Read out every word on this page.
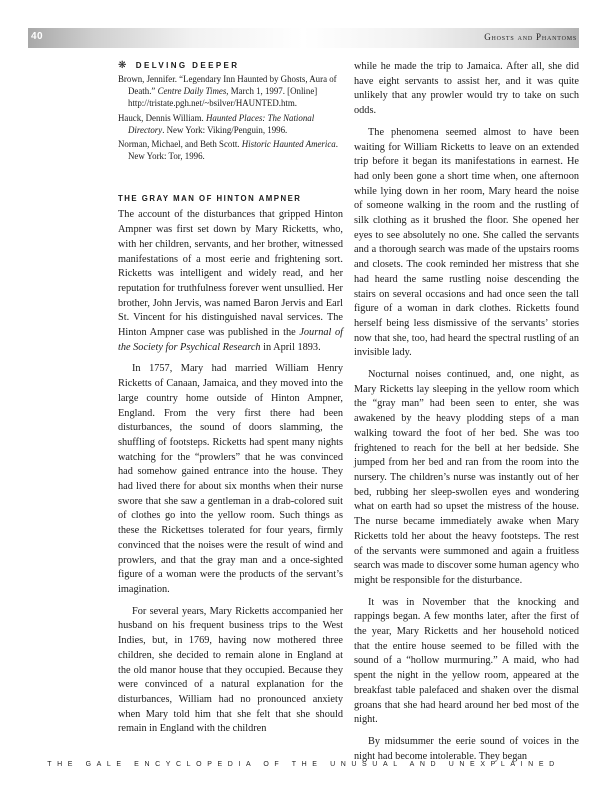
40	Ghosts and Phantoms
❋ DELVING DEEPER
Brown, Jennifer. “Legendary Inn Haunted by Ghosts, Aura of Death.” Centre Daily Times, March 1, 1997. [Online] http://tristate.pgh.net/~bsilver/HAUNTED.htm.
Hauck, Dennis William. Haunted Places: The National Directory. New York: Viking/Penguin, 1996.
Norman, Michael, and Beth Scott. Historic Haunted America. New York: Tor, 1996.
THE GRAY MAN OF HINTON AMPNER

The account of the disturbances that gripped Hinton Ampner was first set down by Mary Ricketts, who, with her children, servants, and her brother, witnessed manifestations of a most eerie and frightening sort. Ricketts was intelligent and widely read, and her reputation for truthfulness forever went unsullied. Her brother, John Jervis, was named Baron Jervis and Earl St. Vincent for his distinguished naval services. The Hinton Ampner case was published in the Journal of the Society for Psychical Research in April 1893.

In 1757, Mary had married William Henry Ricketts of Canaan, Jamaica, and they moved into the large country home outside of Hinton Ampner, England. From the very first there had been disturbances, the sound of doors slamming, the shuffling of footsteps. Ricketts had spent many nights watching for the “prowlers” that he was convinced had somehow gained entrance into the house. They had lived there for about six months when their nurse swore that she saw a gentleman in a drab-colored suit of clothes go into the yellow room. Such things as these the Rickettses tolerated for four years, firmly convinced that the noises were the result of wind and prowlers, and that the gray man and a once-sighted figure of a woman were the products of the servant’s imagination.

For several years, Mary Ricketts accompanied her husband on his frequent business trips to the West Indies, but, in 1769, having now mothered three children, she decided to remain alone in England at the old manor house that they occupied. Because they were convinced of a natural explanation for the disturbances, William had no pronounced anxiety when Mary told him that she felt that she should remain in England with the children

while he made the trip to Jamaica. After all, she did have eight servants to assist her, and it was quite unlikely that any prowler would try to take on such odds.

The phenomena seemed almost to have been waiting for William Ricketts to leave on an extended trip before it began its manifestations in earnest. He had only been gone a short time when, one afternoon while lying down in her room, Mary heard the noise of someone walking in the room and the rustling of silk clothing as it brushed the floor. She opened her eyes to see absolutely no one. She called the servants and a thorough search was made of the upstairs rooms and closets. The cook reminded her mistress that she had heard the same rustling noise descending the stairs on several occasions and had once seen the tall figure of a woman in dark clothes. Ricketts found herself being less dismissive of the servants’ stories now that she, too, had heard the spectral rustling of an invisible lady.

Nocturnal noises continued, and, one night, as Mary Ricketts lay sleeping in the yellow room which the “gray man” had been seen to enter, she was awakened by the heavy plodding steps of a man walking toward the foot of her bed. She was too frightened to reach for the bell at her bedside. She jumped from her bed and ran from the room into the nursery. The children’s nurse was instantly out of her bed, rubbing her sleep-swollen eyes and wondering what on earth had so upset the mistress of the house. The nurse became immediately awake when Mary Ricketts told her about the heavy footsteps. The rest of the servants were summoned and again a fruitless search was made to discover some human agency who might be responsible for the disturbance.

It was in November that the knocking and rappings began. A few months later, after the first of the year, Mary Ricketts and her household noticed that the entire house seemed to be filled with the sound of a “hollow murmuring.” A maid, who had spent the night in the yellow room, appeared at the breakfast table palefaced and shaken over the dismal groans that she had heard around her bed most of the night.

By midsummer the eerie sound of voices in the night had become intolerable. They began

THE GALE ENCYCLOPEDIA OF THE UNUSUAL AND UNEXPLAINED
